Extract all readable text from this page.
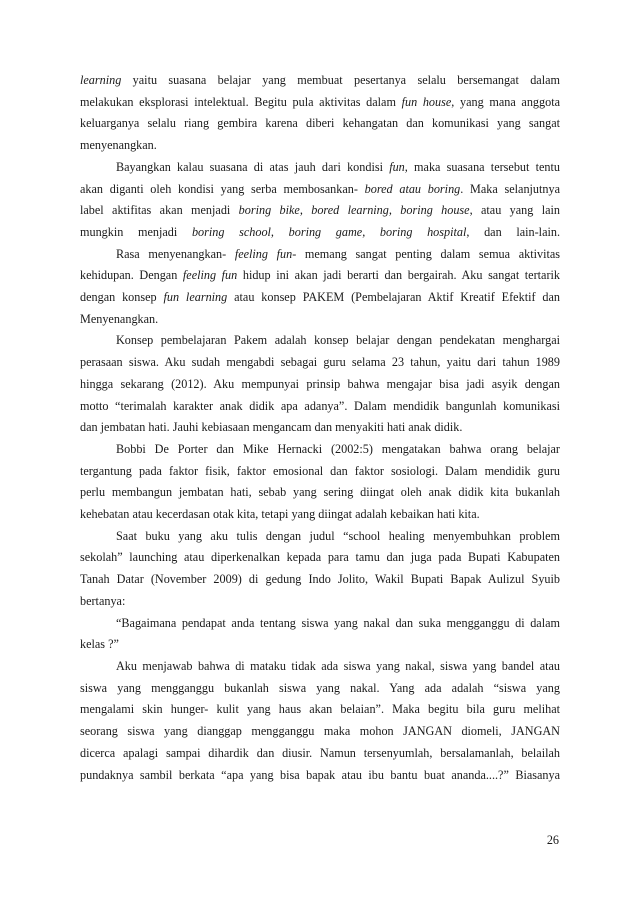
learning yaitu suasana belajar yang membuat pesertanya selalu bersemangat dalam
melakukan eksplorasi intelektual. Begitu pula aktivitas dalam fun house, yang mana anggota
keluarganya selalu riang gembira karena diberi kehangatan dan komunikasi yang sangat
menyenangkan.
Bayangkan kalau suasana di atas jauh dari kondisi fun, maka suasana tersebut tentu
akan diganti oleh kondisi yang serba membosankan- bored atau boring. Maka selanjutnya
label aktifitas akan menjadi boring bike, bored learning, boring house, atau yang lain
mungkin menjadi boring school, boring game, boring hospital, dan lain-lain.
Rasa menyenangkan- feeling fun- memang sangat penting dalam semua aktivitas
kehidupan. Dengan feeling fun hidup ini akan jadi berarti dan bergairah. Aku sangat tertarik
dengan konsep fun learning atau konsep PAKEM (Pembelajaran Aktif Kreatif Efektif dan
Menyenangkan.
Konsep pembelajaran Pakem adalah konsep belajar dengan pendekatan menghargai
perasaan siswa. Aku sudah mengabdi sebagai guru selama 23 tahun, yaitu dari tahun 1989
hingga sekarang (2012). Aku mempunyai prinsip bahwa mengajar bisa jadi asyik dengan
motto “terimalah karakter anak didik apa adanya”. Dalam mendidik bangunlah komunikasi
dan jembatan hati. Jauhi kebiasaan mengancam dan menyakiti hati anak didik.
Bobbi De Porter dan Mike Hernacki (2002:5) mengatakan bahwa orang belajar
tergantung pada faktor fisik, faktor emosional dan faktor sosiologi. Dalam mendidik guru
perlu membangun jembatan hati, sebab yang sering diingat oleh anak didik kita bukanlah
kehebatan atau kecerdasan otak kita, tetapi yang diingat adalah kebaikan hati kita.
Saat buku yang aku tulis dengan judul “school healing menyembuhkan problem
sekolah” launching atau diperkenalkan kepada para tamu dan juga pada Bupati Kabupaten
Tanah Datar (November 2009) di gedung Indo Jolito, Wakil Bupati Bapak Aulizul Syuib
bertanya:
“Bagaimana pendapat anda tentang siswa yang nakal dan suka mengganggu di dalam
kelas ?”
Aku menjawab bahwa di mataku tidak ada siswa yang nakal, siswa yang bandel atau
siswa yang mengganggu bukanlah siswa yang nakal. Yang ada adalah “siswa yang
mengalami skin hunger- kulit yang haus akan belaian”. Maka begitu bila guru melihat
seorang siswa yang dianggap mengganggu maka mohon JANGAN diomeli, JANGAN
dicerca apalagi sampai dihardik dan diusir. Namun tersenyumlah, bersalamanlah, belailah
pundaknya sambil berkata “apa yang bisa bapak atau ibu bantu buat ananda....?” Biasanya
26
